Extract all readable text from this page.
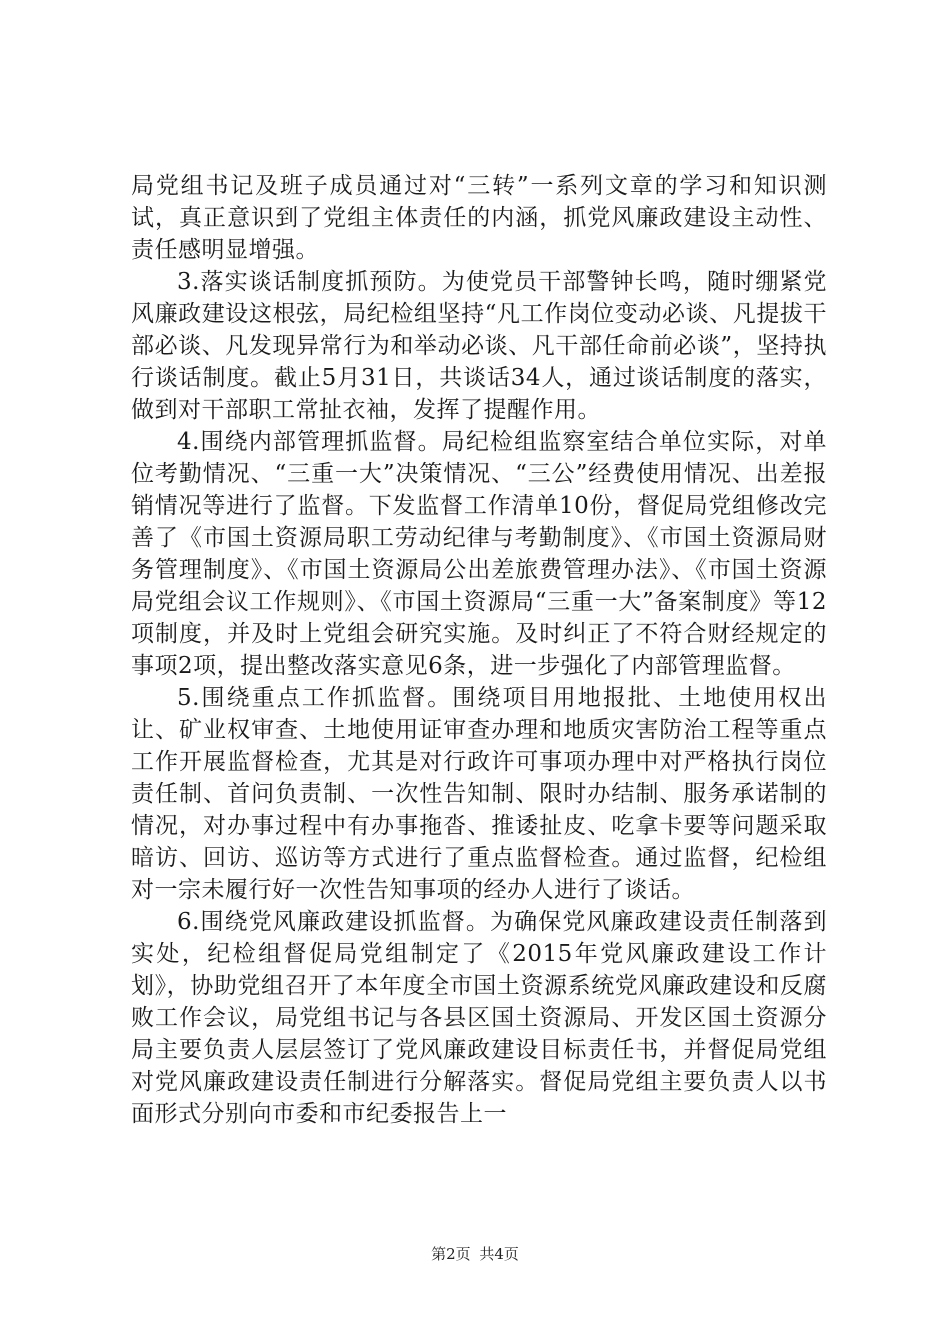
局党组书记及班子成员通过对“三转”一系列文章的学习和知识测试，真正意识到了党组主体责任的内涵，抓党风廉政建设主动性、责任感明显增强。

3.落实谈话制度抓预防。为使党员干部警钟长鸣，随时绷紧党风廉政建设这根弦，局纪检组坚持“凡工作岗位变动必谈、凡提拔干部必谈、凡发现异常行为和举动必谈、凡干部任命前必谈”，坚持执行谈话制度。截止5月31日，共谈话34人，通过谈话制度的落实，做到对干部职工常扯衣袖，发挥了提醒作用。

4.围绕内部管理抓监督。局纪检组监察室结合单位实际，对单位考勤情况、“三重一大”决策情况、“三公”经费使用情况、出差报销情况等进行了监督。下发监督工作清单10份，督促局党组修改完善了《市国土资源局职工劳动纪律与考勤制度》、《市国土资源局财务管理制度》、《市国土资源局公出差旅费管理办法》、《市国土资源局党组会议工作规则》、《市国土资源局“三重一大”备案制度》等12项制度，并及时上党组会研究实施。及时纠正了不符合财经规定的事项2项，提出整改落实意见6条，进一步强化了内部管理监督。

5.围绕重点工作抓监督。围绕项目用地报批、土地使用权出让、矿业权审查、土地使用证审查办理和地质灾害防治工程等重点工作开展监督检查，尤其是对行政许可事项办理中对严格执行岗位责任制、首问负责制、一次性告知制、限时办结制、服务承诺制的情况，对办事过程中有办事拖沓、推诿扯皮、吃拿卡要等问题采取暗访、回访、巡访等方式进行了重点监督检查。通过监督，纪检组对一宗未履行好一次性告知事项的经办人进行了谈话。

6.围绕党风廉政建设抓监督。为确保党风廉政建设责任制落到实处，纪检组督促局党组制定了《2015年党风廉政建设工作计划》，协助党组召开了本年度全市国土资源系统党风廉政建设和反腐败工作会议，局党组书记与各县区国土资源局、开发区国土资源分局主要负责人层层签订了党风廉政建设目标责任书，并督促局党组对党风廉政建设责任制进行分解落实。督促局党组主要负责人以书面形式分别向市委和市纪委报告上一

第2页 共4页
